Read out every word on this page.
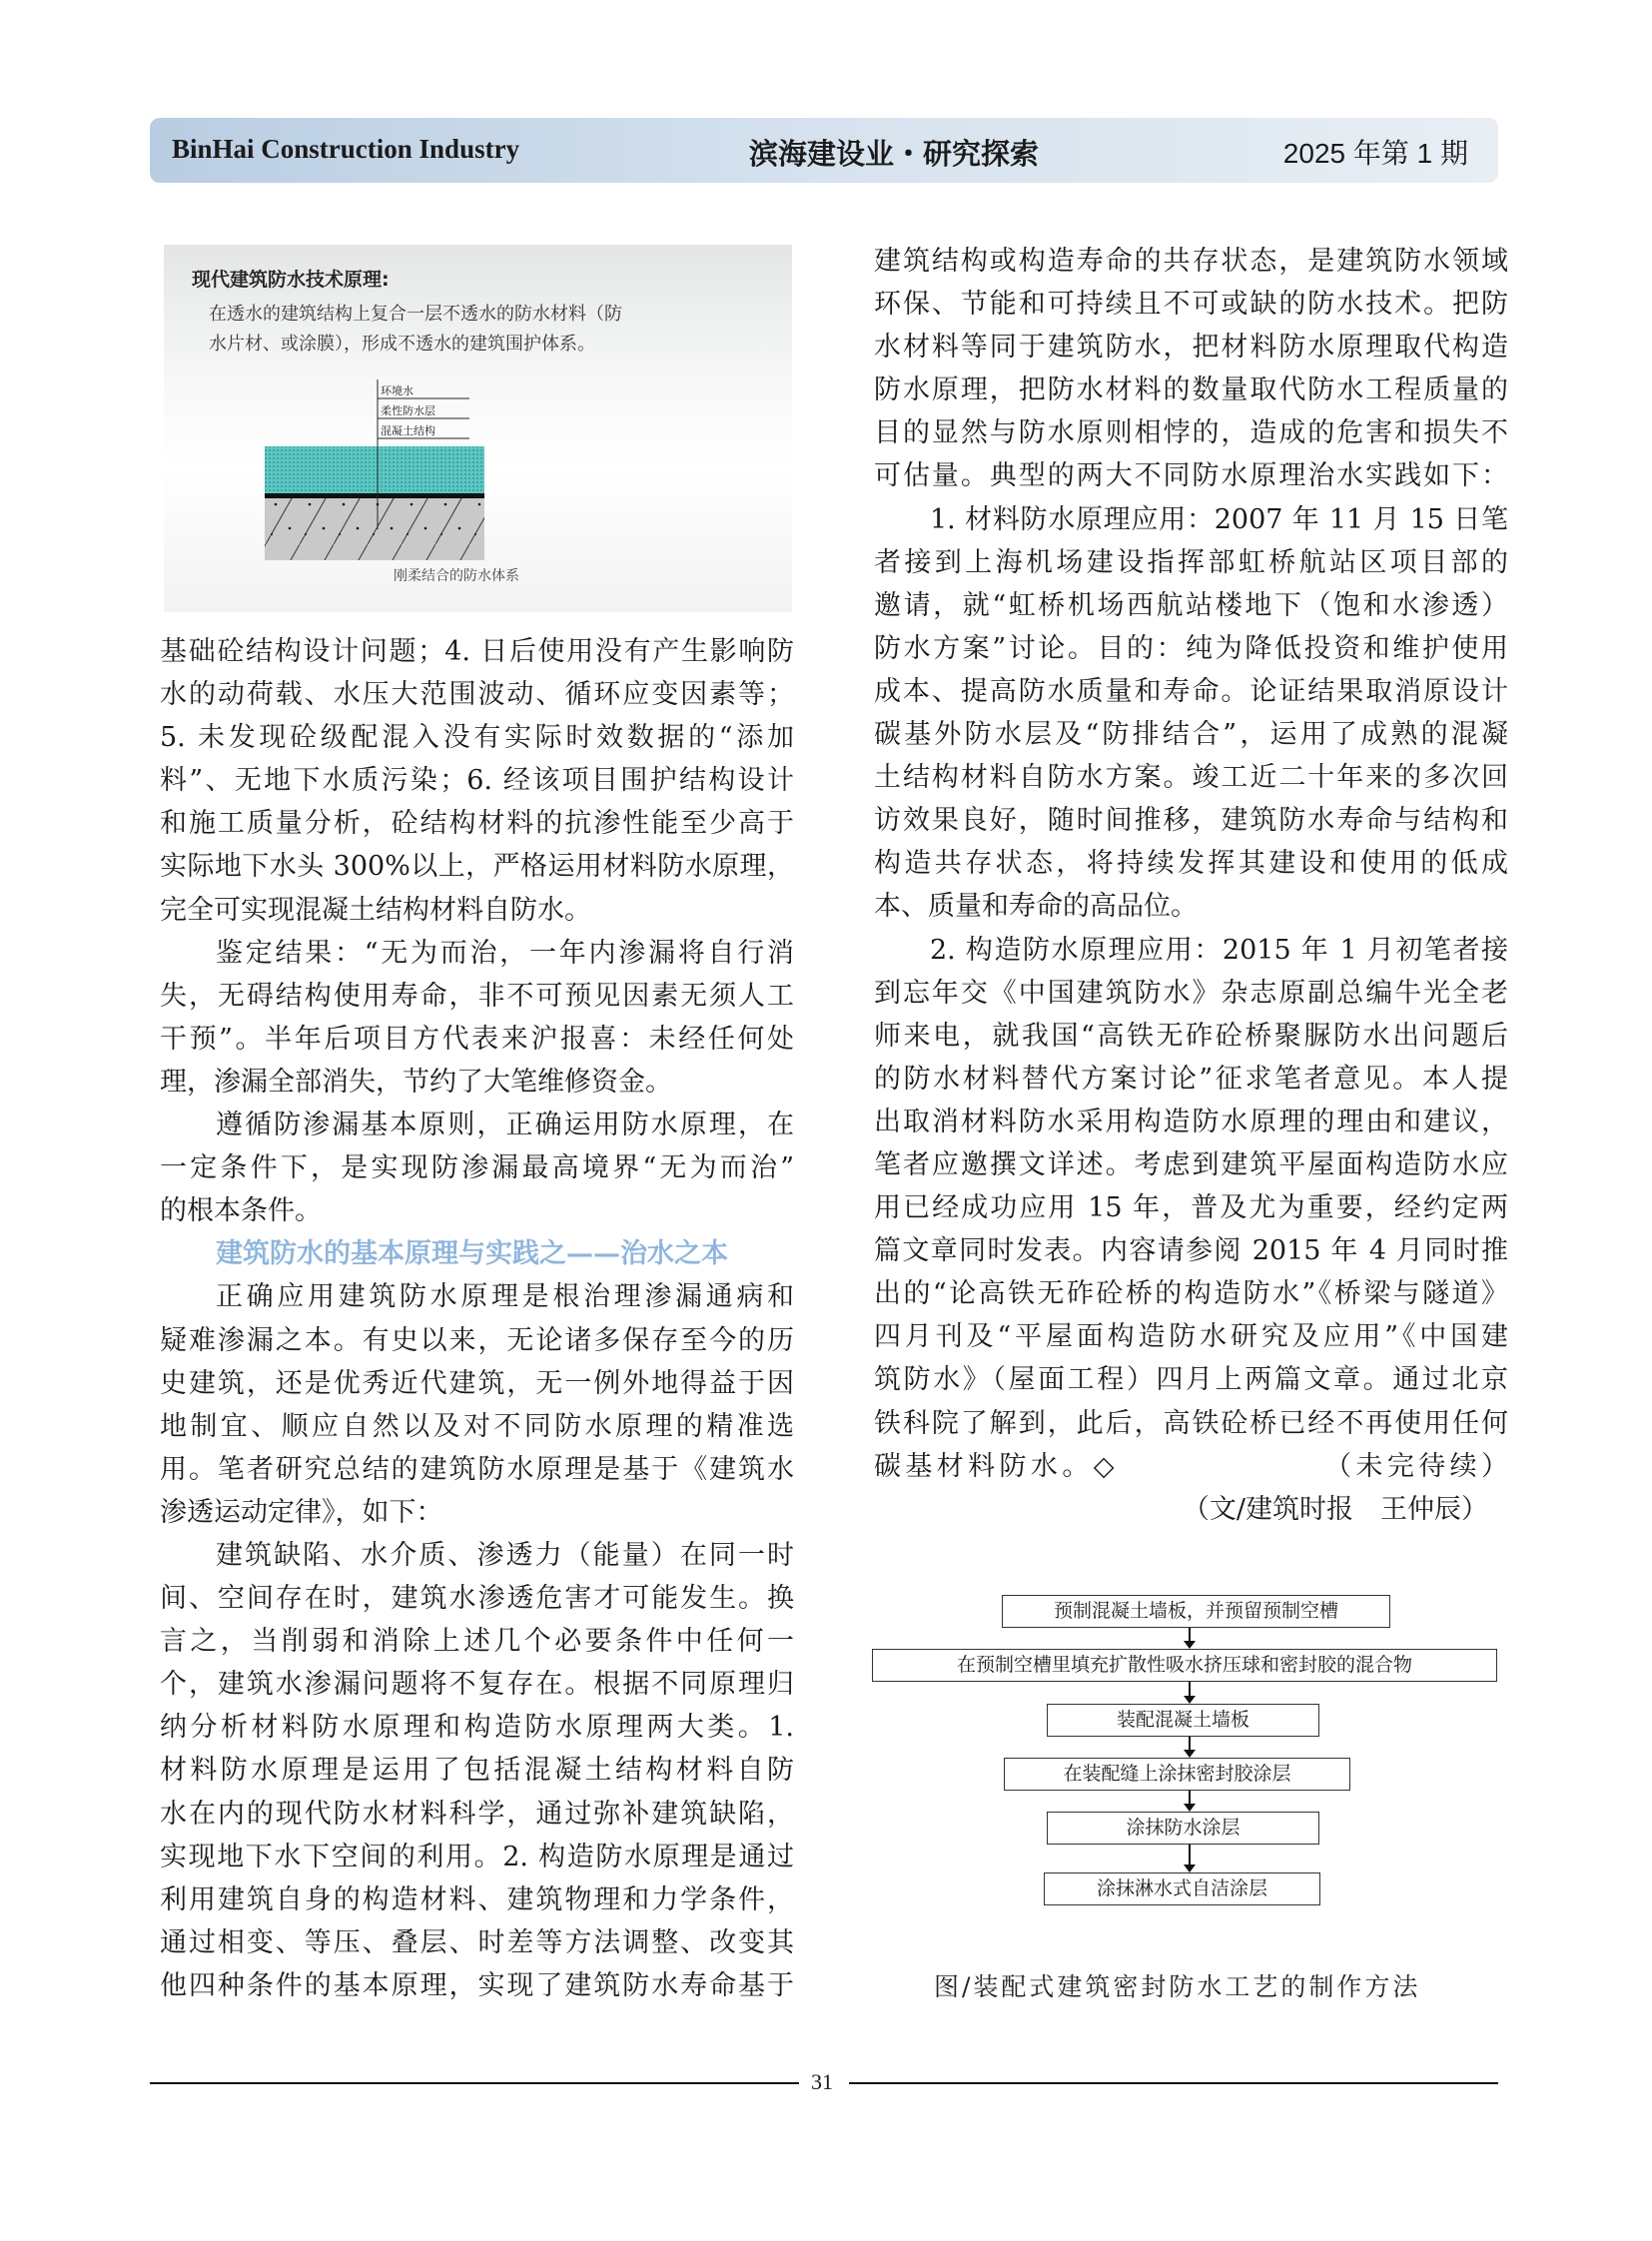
BinHai Construction Industry	滨海建设业・研究探索	2025 年第 1 期
现代建筑防水技术原理:
在透水的建筑结构上复合一层不透水的防水材料（防水片材、或涂膜），形成不透水的建筑围护体系。
环境水
柔性防水层
混凝土结构
刚柔结合的防水体系
基础砼结构设计问题；4. 日后使用没有产生影响防
水的动荷载、水压大范围波动、循环应变因素等；
5. 未发现砼级配混入没有实际时效数据的“添加
料”、无地下水质污染；6. 经该项目围护结构设计
和施工质量分析，砼结构材料的抗渗性能至少高于
实际地下水头 300%以上，严格运用材料防水原理，
完全可实现混凝土结构材料自防水。
鉴定结果：“无为而治，一年内渗漏将自行消
失，无碍结构使用寿命，非不可预见因素无须人工
干预”。半年后项目方代表来沪报喜：未经任何处
理，渗漏全部消失，节约了大笔维修资金。
遵循防渗漏基本原则，正确运用防水原理，在
一定条件下，是实现防渗漏最高境界“无为而治”
的根本条件。
建筑防水的基本原理与实践之——治水之本
正确应用建筑防水原理是根治理渗漏通病和
疑难渗漏之本。有史以来，无论诸多保存至今的历
史建筑，还是优秀近代建筑，无一例外地得益于因
地制宜、顺应自然以及对不同防水原理的精准选
用。笔者研究总结的建筑防水原理是基于《建筑水
渗透运动定律》，如下：
建筑缺陷、水介质、渗透力（能量）在同一时
间、空间存在时，建筑水渗透危害才可能发生。换
言之，当削弱和消除上述几个必要条件中任何一
个，建筑水渗漏问题将不复存在。根据不同原理归
纳分析材料防水原理和构造防水原理两大类。1.
材料防水原理是运用了包括混凝土结构材料自防
水在内的现代防水材料科学，通过弥补建筑缺陷，
实现地下水下空间的利用。2. 构造防水原理是通过
利用建筑自身的构造材料、建筑物理和力学条件，
通过相变、等压、叠层、时差等方法调整、改变其
他四种条件的基本原理，实现了建筑防水寿命基于
建筑结构或构造寿命的共存状态，是建筑防水领域
环保、节能和可持续且不可或缺的防水技术。把防
水材料等同于建筑防水，把材料防水原理取代构造
防水原理，把防水材料的数量取代防水工程质量的
目的显然与防水原则相悖的，造成的危害和损失不
可估量。典型的两大不同防水原理治水实践如下：
1. 材料防水原理应用：2007 年 11 月 15 日笔
者接到上海机场建设指挥部虹桥航站区项目部的
邀请，就“虹桥机场西航站楼地下（饱和水渗透）
防水方案”讨论。目的：纯为降低投资和维护使用
成本、提高防水质量和寿命。论证结果取消原设计
碳基外防水层及“防排结合”，运用了成熟的混凝
土结构材料自防水方案。竣工近二十年来的多次回
访效果良好，随时间推移，建筑防水寿命与结构和
构造共存状态，将持续发挥其建设和使用的低成
本、质量和寿命的高品位。
2. 构造防水原理应用：2015 年 1 月初笔者接
到忘年交《中国建筑防水》杂志原副总编牛光全老
师来电，就我国“高铁无砟砼桥聚脲防水出问题后
的防水材料替代方案讨论”征求笔者意见。本人提
出取消材料防水采用构造防水原理的理由和建议，
笔者应邀撰文详述。考虑到建筑平屋面构造防水应
用已经成功应用 15 年，普及尤为重要，经约定两
篇文章同时发表。内容请参阅 2015 年 4 月同时推
出的“论高铁无砟砼桥的构造防水”《桥梁与隧道》
四月刊及“平屋面构造防水研究及应用”《中国建
筑防水》（屋面工程）四月上两篇文章。通过北京
铁科院了解到，此后，高铁砼桥已经不再使用任何
碳基材料防水。◇　　　　　　　（未完待续）
（文/建筑时报　王仲辰）
预制混凝土墙板，并预留预制空槽
在预制空槽里填充扩散性吸水挤压球和密封胶的混合物
装配混凝土墙板
在装配缝上涂抹密封胶涂层
涂抹防水涂层
涂抹淋水式自洁涂层
图/装配式建筑密封防水工艺的制作方法
31
